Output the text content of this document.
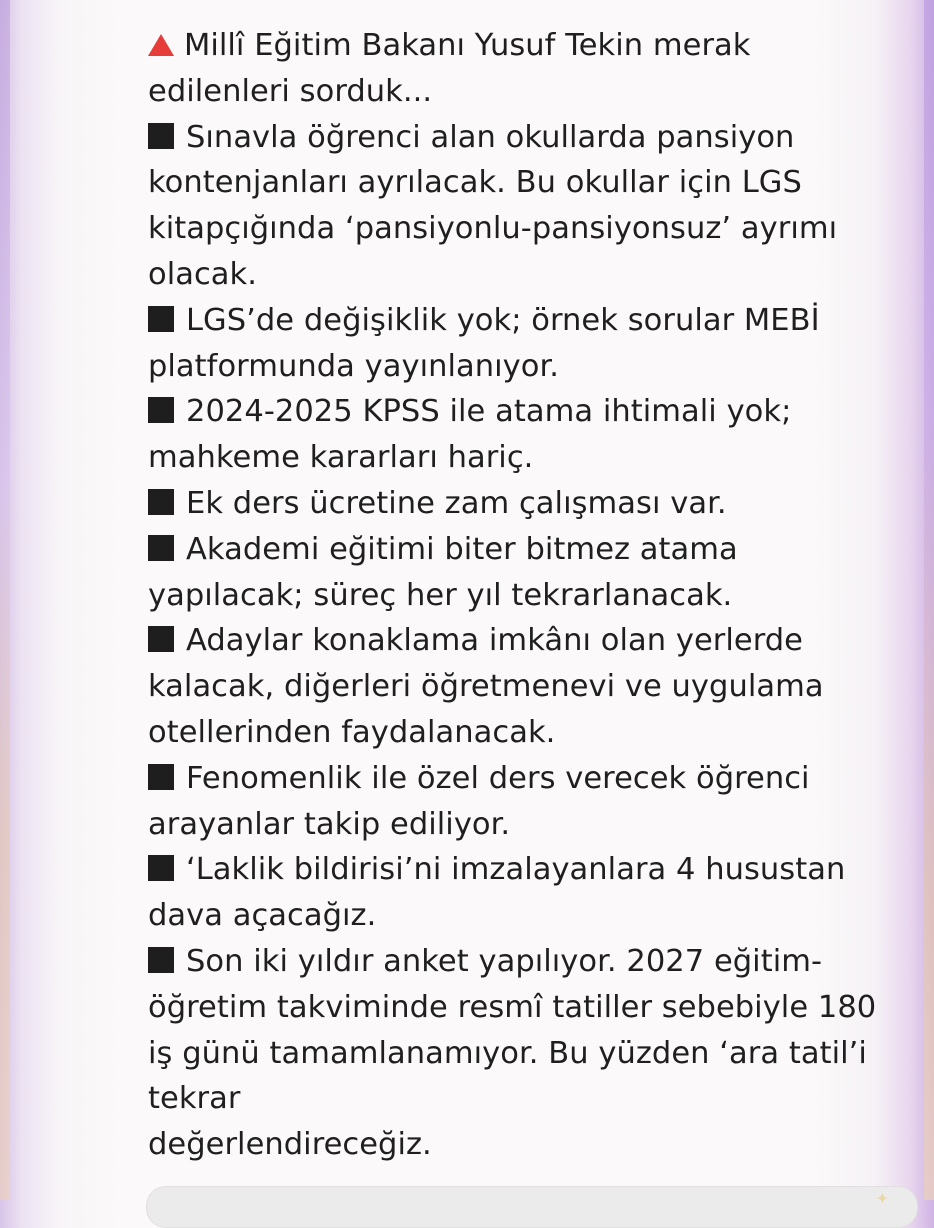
Millî Eğitim Bakanı Yusuf Tekin merak
edilenleri sorduk...
Sınavla öğrenci alan okullarda pansiyon
kontenjanları ayrılacak. Bu okullar için LGS
kitapçığında ‘pansiyonlu-pansiyonsuz’ ayrımı
olacak.
LGS’de değişiklik yok; örnek sorular MEBİ
platformunda yayınlanıyor.
2024-2025 KPSS ile atama ihtimali yok;
mahkeme kararları hariç.
Ek ders ücretine zam çalışması var.
Akademi eğitimi biter bitmez atama
yapılacak; süreç her yıl tekrarlanacak.
Adaylar konaklama imkânı olan yerlerde
kalacak, diğerleri öğretmenevi ve uygulama
otellerinden faydalanacak.
Fenomenlik ile özel ders verecek öğrenci
arayanlar takip ediliyor.
‘Laklik bildirisi’ni imzalayanlara 4 husustan
dava açacağız.
Son iki yıldır anket yapılıyor. 2027 eğitim-
öğretim takviminde resmî tatiller sebebiyle 180
iş günü tamamlanamıyor. Bu yüzden ‘ara tatil’i
tekrar
değerlendireceğiz.
✦
